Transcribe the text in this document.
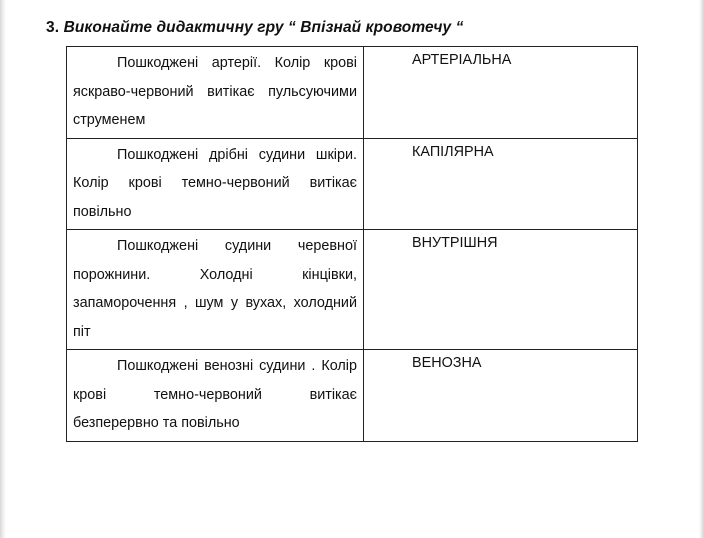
3. Виконайте дидактичну гру “ Впізнай кровотечу “
Пошкоджені артерії. Колір крові яскраво-червоний витікає пульсуючими струменем	АРТЕРІАЛЬНА
Пошкоджені дрібні судини шкіри. Колір крові темно-червоний витікає повільно	КАПІЛЯРНА
Пошкоджені судини черевної порожнини. Холодні кінцівки, запаморочення , шум у вухах, холодний піт	ВНУТРІШНЯ
Пошкоджені венозні судини . Колір крові темно-червоний витікає безперервно та повільно	ВЕНОЗНА
